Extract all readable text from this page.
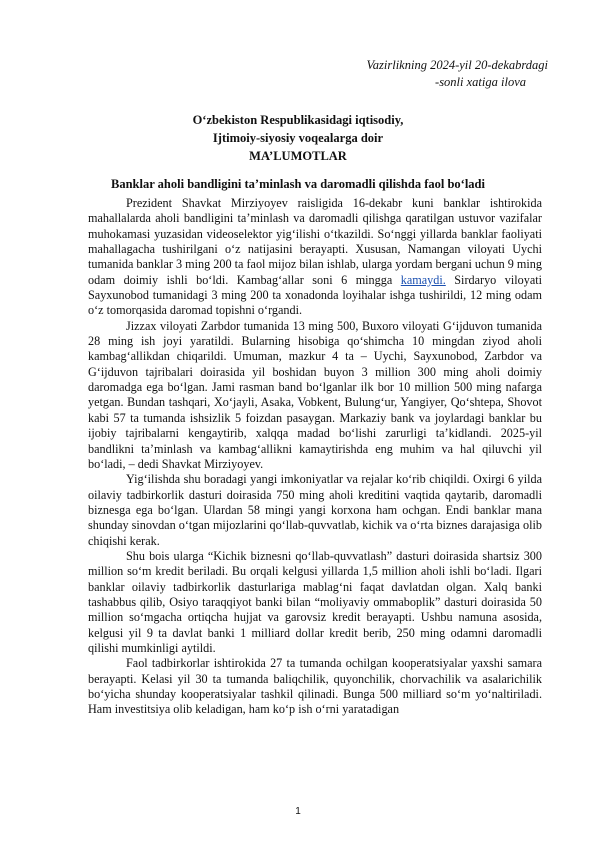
Vazirlikning 2024-yil 20-dekabrdagi
-sonli xatiga ilova
O‘zbekiston Respublikasidagi iqtisodiy,
Ijtimoiy-siyosiy voqealarga doir
MA’LUMOTLAR
Banklar aholi bandligini ta’minlash va daromadli qilishda faol bo‘ladi

Prezident Shavkat Mirziyoyev raisligida 16-dekabr kuni banklar ishtirokida mahallalarda aholi bandligini ta’minlash va daromadli qilishga qaratilgan ustuvor vazifalar muhokamasi yuzasidan videoselektor yig‘ilishi o‘tkazildi. So‘nggi yillarda banklar faoliyati mahallagacha tushirilgani o‘z natijasini berayapti. Xususan, Namangan viloyati Uychi tumanida banklar 3 ming 200 ta faol mijoz bilan ishlab, ularga yordam bergani uchun 9 ming odam doimiy ishli bo‘ldi. Kambag‘allar soni 6 mingga kamaydi. Sirdaryo viloyati Sayxunobod tumanidagi 3 ming 200 ta xonadonda loyihalar ishga tushirildi, 12 ming odam o‘z tomorqasida daromad topishni o‘rgandi.

Jizzax viloyati Zarbdor tumanida 13 ming 500, Buxoro viloyati G‘ijduvon tumanida 28 ming ish joyi yaratildi. Bularning hisobiga qo‘shimcha 10 mingdan ziyod aholi kambag‘allikdan chiqarildi. Umuman, mazkur 4 ta – Uychi, Sayxunobod, Zarbdor va G‘ijduvon tajribalari doirasida yil boshidan buyon 3 million 300 ming aholi doimiy daromadga ega bo‘lgan. Jami rasman band bo‘lganlar ilk bor 10 million 500 ming nafarga yetgan. Bundan tashqari, Xo‘jayli, Asaka, Vobkent, Bulung‘ur, Yangiyer, Qo‘shtepa, Shovot kabi 57 ta tumanda ishsizlik 5 foizdan pasaygan. Markaziy bank va joylardagi banklar bu ijobiy tajribalarni kengaytirib, xalqqa madad bo‘lishi zarurligi ta’kidlandi. 2025-yil bandlikni ta’minlash va kambag‘allikni kamaytirishda eng muhim va hal qiluvchi yil bo‘ladi, – dedi Shavkat Mirziyoyev.

Yig‘ilishda shu boradagi yangi imkoniyatlar va rejalar ko‘rib chiqildi. Oxirgi 6 yilda oilaviy tadbirkorlik dasturi doirasida 750 ming aholi kreditini vaqtida qaytarib, daromadli biznesga ega bo‘lgan. Ulardan 58 mingi yangi korxona ham ochgan. Endi banklar mana shunday sinovdan o‘tgan mijozlarini qo‘llab-quvvatlab, kichik va o‘rta biznes darajasiga olib chiqishi kerak.

Shu bois ularga “Kichik biznesni qo‘llab-quvvatlash” dasturi doirasida shartsiz 300 million so‘m kredit beriladi. Bu orqali kelgusi yillarda 1,5 million aholi ishli bo‘ladi. Ilgari banklar oilaviy tadbirkorlik dasturlariga mablag‘ni faqat davlatdan olgan. Xalq banki tashabbus qilib, Osiyo taraqqiyot banki bilan “moliyaviy ommaboplik” dasturi doirasida 50 million so‘mgacha ortiqcha hujjat va garovsiz kredit berayapti. Ushbu namuna asosida, kelgusi yil 9 ta davlat banki 1 milliard dollar kredit berib, 250 ming odamni daromadli qilishi mumkinligi aytildi.

Faol tadbirkorlar ishtirokida 27 ta tumanda ochilgan kooperatsiyalar yaxshi samara berayapti. Kelasi yil 30 ta tumanda baliqchilik, quyonchilik, chorvachilik va asalarichilik bo‘yicha shunday kooperatsiyalar tashkil qilinadi. Bunga 500 milliard so‘m yo‘naltiriladi. Ham investitsiya olib keladigan, ham ko‘p ish o‘rni yaratadigan

1
